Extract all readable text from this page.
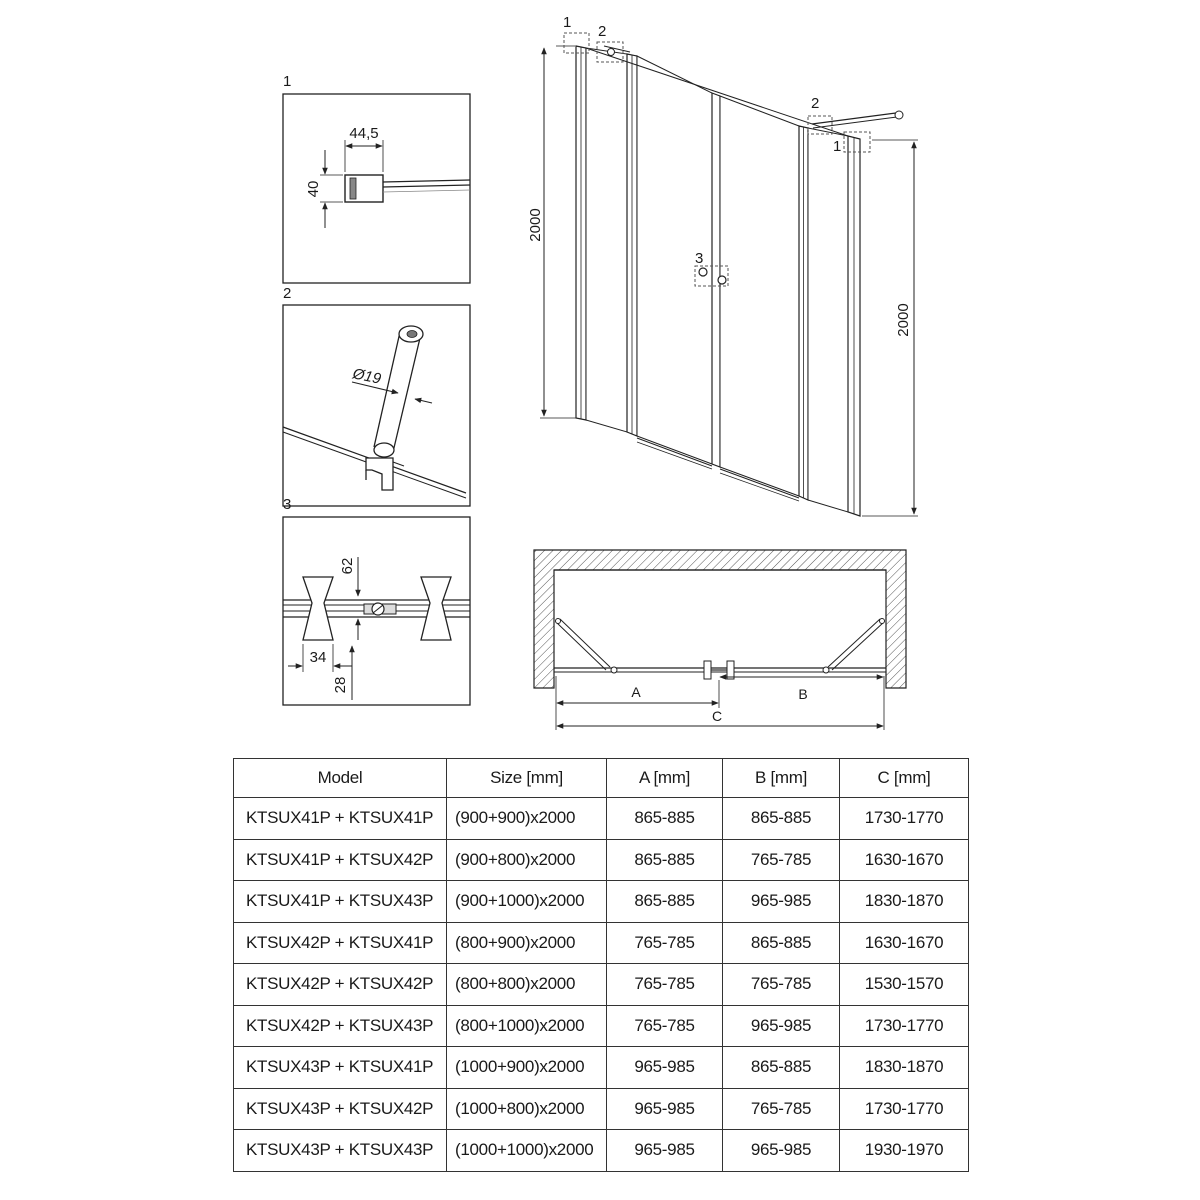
1
44,5
40
2
Ø19
3
62
34
28
2000
2000
1
2
2
1
3
A	B
C
Model	Size [mm]	A [mm]	B [mm]	C [mm]
KTSUX41P + KTSUX41P	(900+900)x2000	865-885	865-885	1730-1770
KTSUX41P + KTSUX42P	(900+800)x2000	865-885	765-785	1630-1670
KTSUX41P + KTSUX43P	(900+1000)x2000	865-885	965-985	1830-1870
KTSUX42P + KTSUX41P	(800+900)x2000	765-785	865-885	1630-1670
KTSUX42P + KTSUX42P	(800+800)x2000	765-785	765-785	1530-1570
KTSUX42P + KTSUX43P	(800+1000)x2000	765-785	965-985	1730-1770
KTSUX43P + KTSUX41P	(1000+900)x2000	965-985	865-885	1830-1870
KTSUX43P + KTSUX42P	(1000+800)x2000	965-985	765-785	1730-1770
KTSUX43P + KTSUX43P	(1000+1000)x2000	965-985	965-985	1930-1970
